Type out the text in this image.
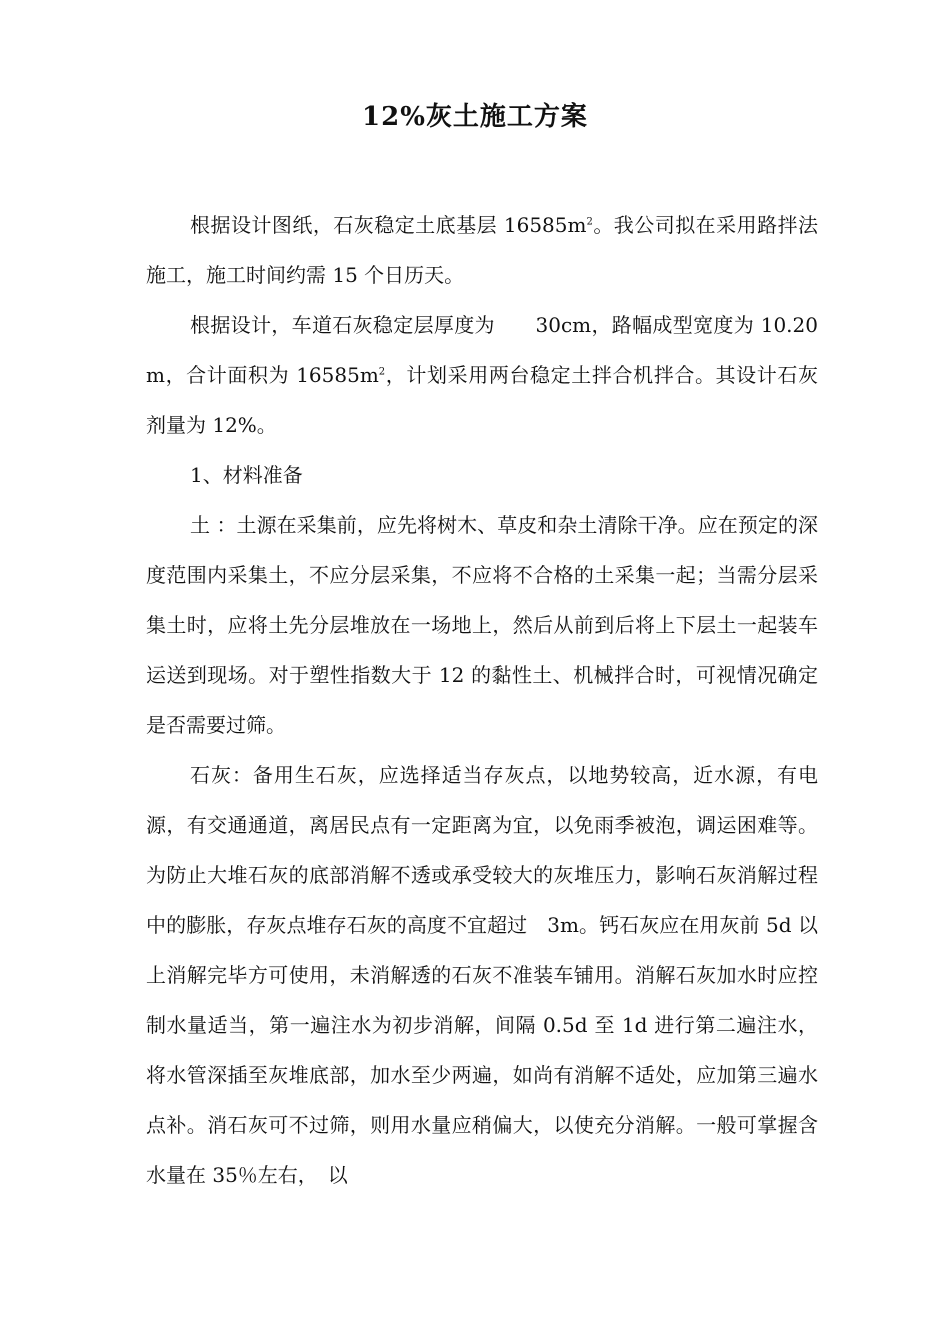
12%灰土施工方案

根据设计图纸，石灰稳定土底基层 $16585m^2$。我公司拟在采用路拌法施工，施工时间约需 15 个日历天。

根据设计，车道石灰稳定层厚度为　　30cm，路幅成型宽度为 10.20m，合计面积为 $16585m^2$，计划采用两台稳定土拌合机拌合。其设计石灰剂量为 12%。

1、材料准备

土 ：土源在采集前，应先将树木、草皮和杂土清除干净。应在预定的深度范围内采集土，不应分层采集，不应将不合格的土采集一起；当需分层采集土时，应将土先分层堆放在一场地上，然后从前到后将上下层土一起装车运送到现场。对于塑性指数大于 12 的黏性土、机械拌合时，可视情况确定是否需要过筛。

石灰：备用生石灰，应选择适当存灰点，以地势较高，近水源，有电源，有交通通道，离居民点有一定距离为宜，以免雨季被泡，调运困难等。为防止大堆石灰的底部消解不透或承受较大的灰堆压力，影响石灰消解过程中的膨胀，存灰点堆存石灰的高度不宜超过　3m。钙石灰应在用灰前 5d 以上消解完毕方可使用，未消解透的石灰不准装车铺用。消解石灰加水时应控制水量适当，第一遍注水为初步消解，间隔 0.5d 至 1d 进行第二遍注水，将水管深插至灰堆底部，加水至少两遍，如尚有消解不适处，应加第三遍水点补。消石灰可不过筛，则用水量应稍偏大，以使充分消解。一般可掌握含水量在 35％左右，　以
